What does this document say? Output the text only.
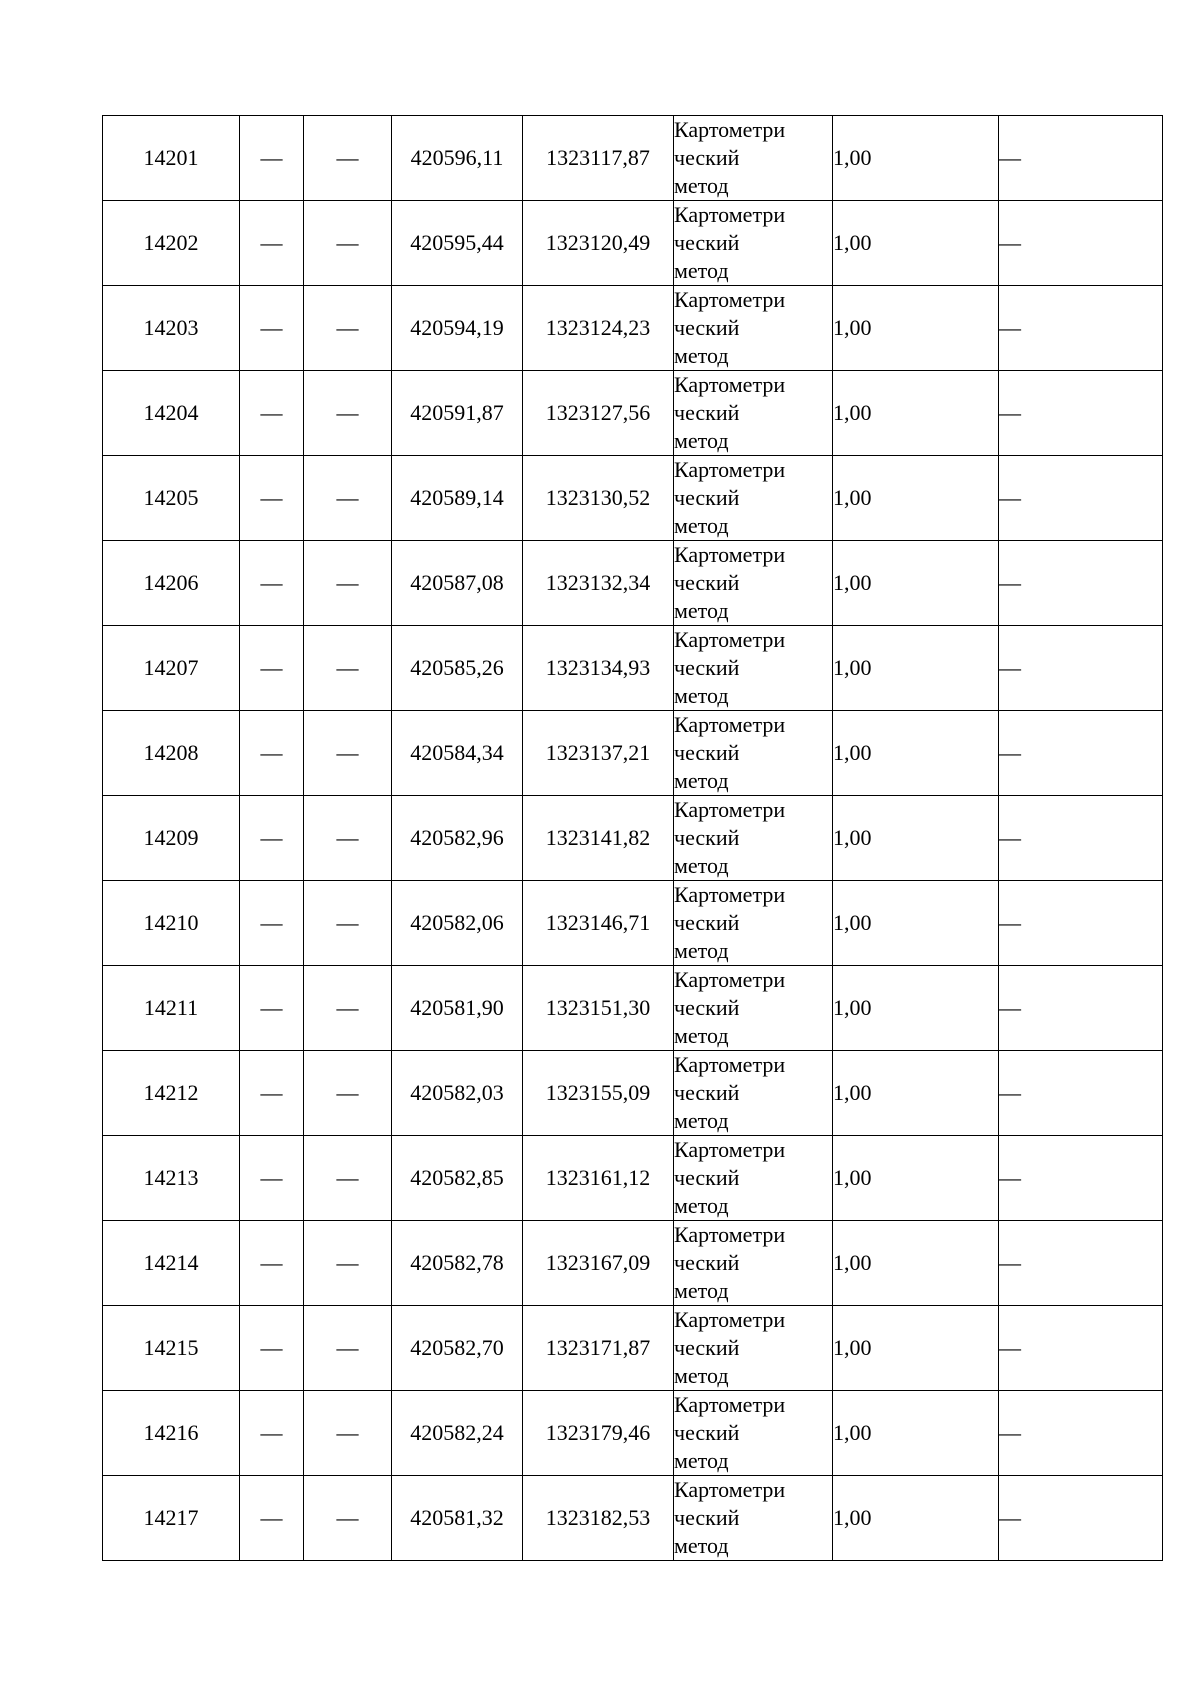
14201	—	—	420596,11	1323117,87	Картометри
ческий
метод	1,00	—
14202	—	—	420595,44	1323120,49	Картометри
ческий
метод	1,00	—
14203	—	—	420594,19	1323124,23	Картометри
ческий
метод	1,00	—
14204	—	—	420591,87	1323127,56	Картометри
ческий
метод	1,00	—
14205	—	—	420589,14	1323130,52	Картометри
ческий
метод	1,00	—
14206	—	—	420587,08	1323132,34	Картометри
ческий
метод	1,00	—
14207	—	—	420585,26	1323134,93	Картометри
ческий
метод	1,00	—
14208	—	—	420584,34	1323137,21	Картометри
ческий
метод	1,00	—
14209	—	—	420582,96	1323141,82	Картометри
ческий
метод	1,00	—
14210	—	—	420582,06	1323146,71	Картометри
ческий
метод	1,00	—
14211	—	—	420581,90	1323151,30	Картометри
ческий
метод	1,00	—
14212	—	—	420582,03	1323155,09	Картометри
ческий
метод	1,00	—
14213	—	—	420582,85	1323161,12	Картометри
ческий
метод	1,00	—
14214	—	—	420582,78	1323167,09	Картометри
ческий
метод	1,00	—
14215	—	—	420582,70	1323171,87	Картометри
ческий
метод	1,00	—
14216	—	—	420582,24	1323179,46	Картометри
ческий
метод	1,00	—
14217	—	—	420581,32	1323182,53	Картометри
ческий
метод	1,00	—
